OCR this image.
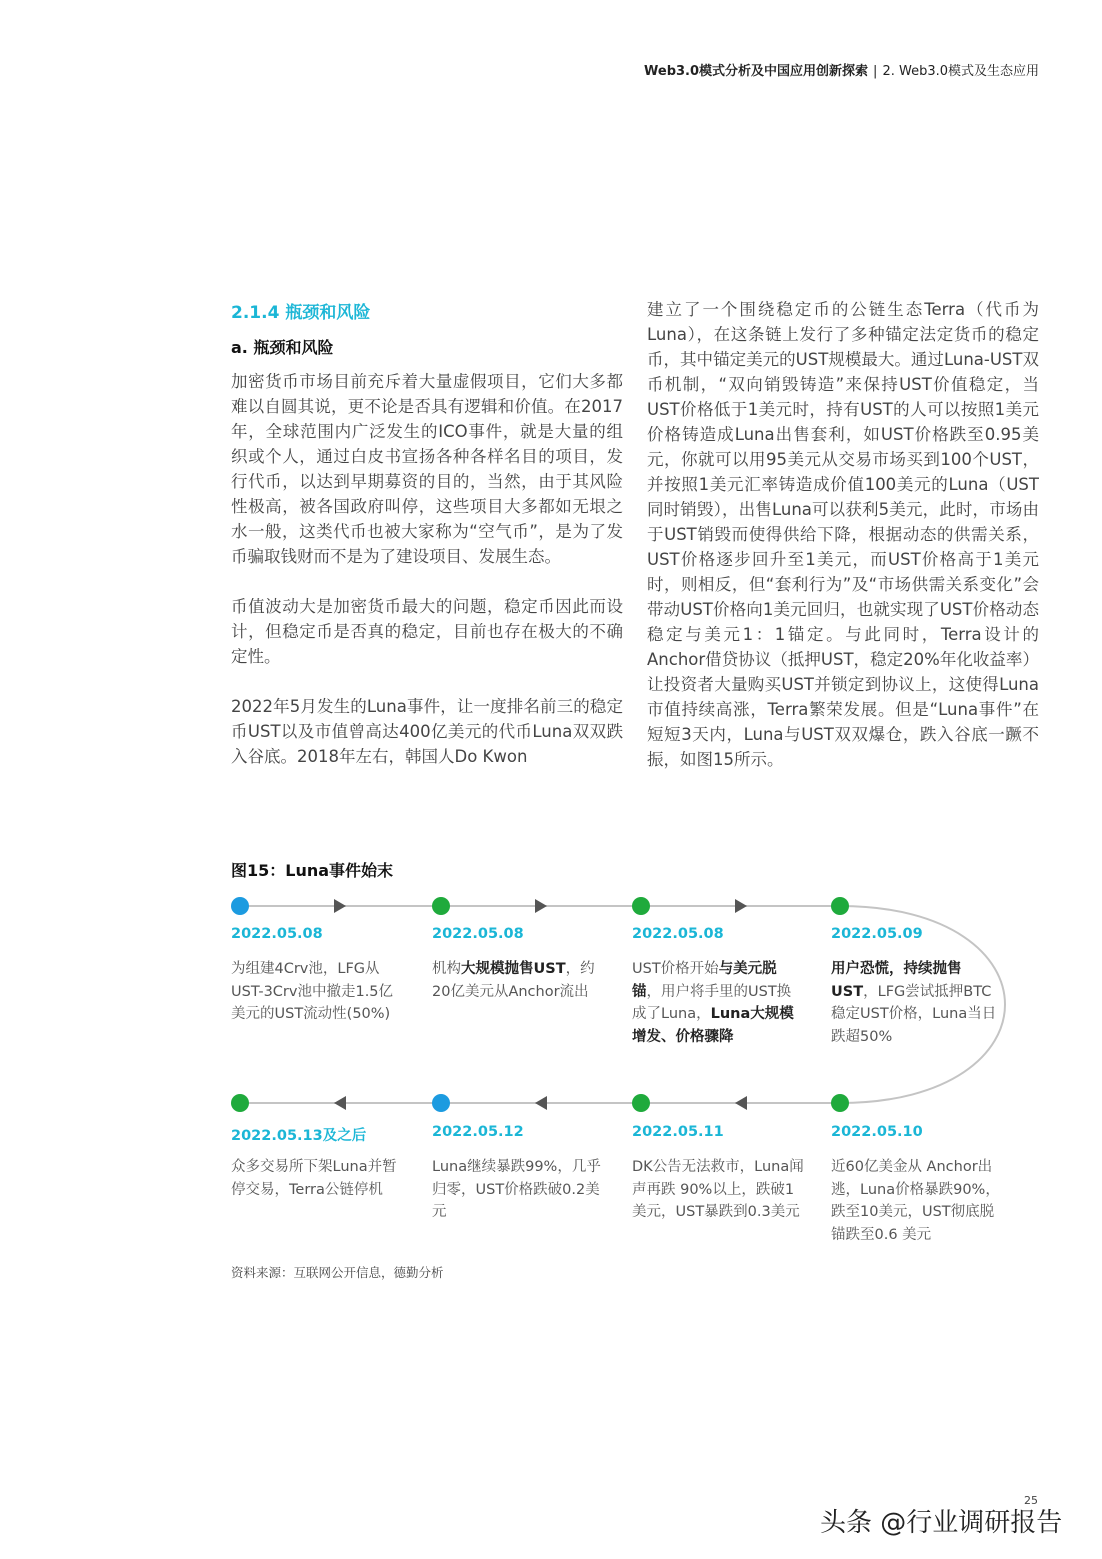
Web3.0模式分析及中国应用创新探索 | 2. Web3.0模式及生态应用
2.1.4 瓶颈和风险
a. 瓶颈和风险

加密货币市场目前充斥着大量虚假项目，它们大多都难以自圆其说，更不论是否具有逻辑和价值。在2017年，全球范围内广泛发生的ICO事件，就是大量的组织或个人，通过白皮书宣扬各种各样名目的项目，发行代币，以达到早期募资的目的，当然，由于其风险性极高，被各国政府叫停，这些项目大多都如无垠之水一般，这类代币也被大家称为“空气币”，是为了发币骗取钱财而不是为了建设项目、发展生态。

币值波动大是加密货币最大的问题，稳定币因此而设计，但稳定币是否真的稳定，目前也存在极大的不确定性。

2022年5月发生的Luna事件，让一度排名前三的稳定币UST以及市值曾高达400亿美元的代币Luna双双跌入谷底。2018年左右，韩国人Do Kwon

建立了一个围绕稳定币的公链生态Terra（代币为Luna），在这条链上发行了多种锚定法定货币的稳定币，其中锚定美元的UST规模最大。通过Luna-UST双币机制，“双向销毁铸造”来保持UST价值稳定，当UST价格低于1美元时，持有UST的人可以按照1美元价格铸造成Luna出售套利，如UST价格跌至0.95美元，你就可以用95美元从交易市场买到100个UST，并按照1美元汇率铸造成价值100美元的Luna（UST同时销毁），出售Luna可以获利5美元，此时，市场由于UST销毁而使得供给下降，根据动态的供需关系，UST价格逐步回升至1美元，而UST价格高于1美元时，则相反，但“套利行为”及“市场供需关系变化”会带动UST价格向1美元回归，也就实现了UST价格动态稳定与美元1：1锚定。与此同时，Terra设计的Anchor借贷协议（抵押UST，稳定20%年化收益率）让投资者大量购买UST并锁定到协议上，这使得Luna市值持续高涨，Terra繁荣发展。但是“Luna事件”在短短3天内，Luna与UST双双爆仓，跌入谷底一蹶不振，如图15所示。
图15：Luna事件始末
2022.05.08
为组建4Crv池，LFG从UST-3Crv池中撤走1.5亿美元的UST流动性(50%)
2022.05.08
机构大规模抛售UST，约20亿美元从Anchor流出
2022.05.08
UST价格开始与美元脱锚，用户将手里的UST换成了Luna，Luna大规模增发、价格骤降
2022.05.09
用户恐慌，持续抛售UST，LFG尝试抵押BTC稳定UST价格，Luna当日跌超50%
2022.05.13及之后
众多交易所下架Luna并暂停交易，Terra公链停机
2022.05.12
Luna继续暴跌99%，几乎归零，UST价格跌破0.2美元
2022.05.11
DK公告无法救市，Luna闻声再跌 90%以上，跌破1美元，UST暴跌到0.3美元
2022.05.10
近60亿美金从 Anchor出逃，Luna价格暴跌90%，跌至10美元，UST彻底脱锚跌至0.6 美元
资料来源：互联网公开信息，德勤分析
25
头条 @行业调研报告
